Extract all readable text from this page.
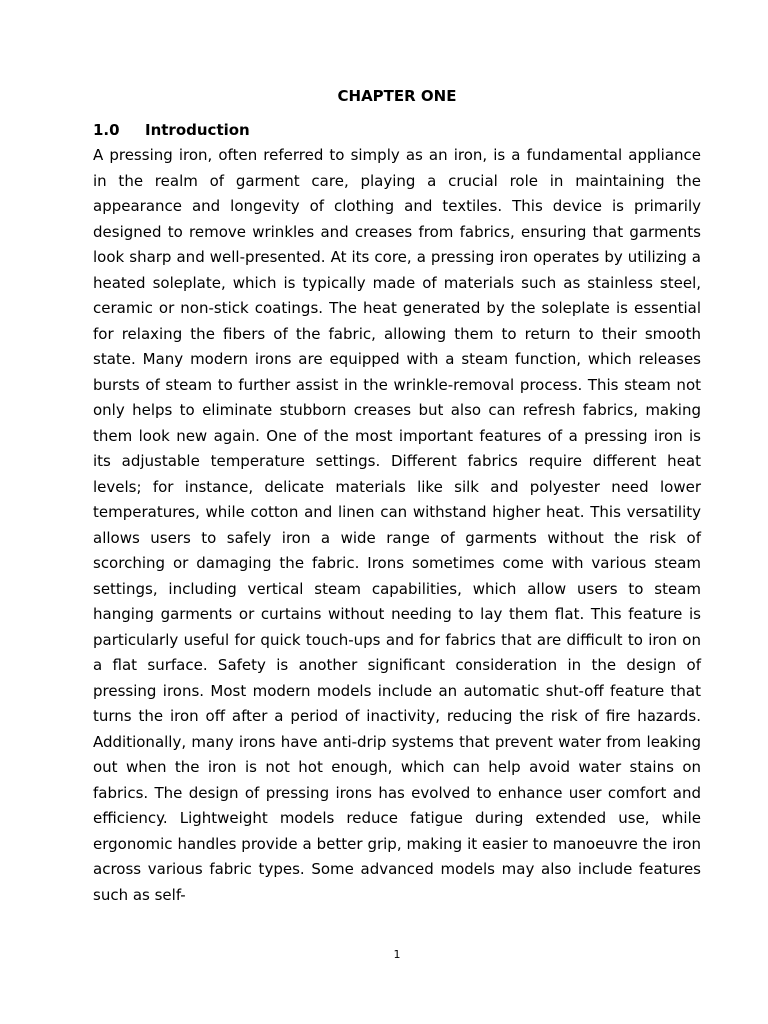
CHAPTER ONE
1.0 Introduction

A pressing iron, often referred to simply as an iron, is a fundamental appliance in the realm of garment care, playing a crucial role in maintaining the appearance and longevity of clothing and textiles. This device is primarily designed to remove wrinkles and creases from fabrics, ensuring that garments look sharp and well-presented. At its core, a pressing iron operates by utilizing a heated soleplate, which is typically made of materials such as stainless steel, ceramic or non-stick coatings. The heat generated by the soleplate is essential for relaxing the fibers of the fabric, allowing them to return to their smooth state. Many modern irons are equipped with a steam function, which releases bursts of steam to further assist in the wrinkle-removal process. This steam not only helps to eliminate stubborn creases but also can refresh fabrics, making them look new again. One of the most important features of a pressing iron is its adjustable temperature settings. Different fabrics require different heat levels; for instance, delicate materials like silk and polyester need lower temperatures, while cotton and linen can withstand higher heat. This versatility allows users to safely iron a wide range of garments without the risk of scorching or damaging the fabric. Irons sometimes come with various steam settings, including vertical steam capabilities, which allow users to steam hanging garments or curtains without needing to lay them flat. This feature is particularly useful for quick touch-ups and for fabrics that are difficult to iron on a flat surface. Safety is another significant consideration in the design of pressing irons. Most modern models include an automatic shut-off feature that turns the iron off after a period of inactivity, reducing the risk of fire hazards. Additionally, many irons have anti-drip systems that prevent water from leaking out when the iron is not hot enough, which can help avoid water stains on fabrics. The design of pressing irons has evolved to enhance user comfort and efficiency. Lightweight models reduce fatigue during extended use, while ergonomic handles provide a better grip, making it easier to manoeuvre the iron across various fabric types. Some advanced models may also include features such as self-

1
